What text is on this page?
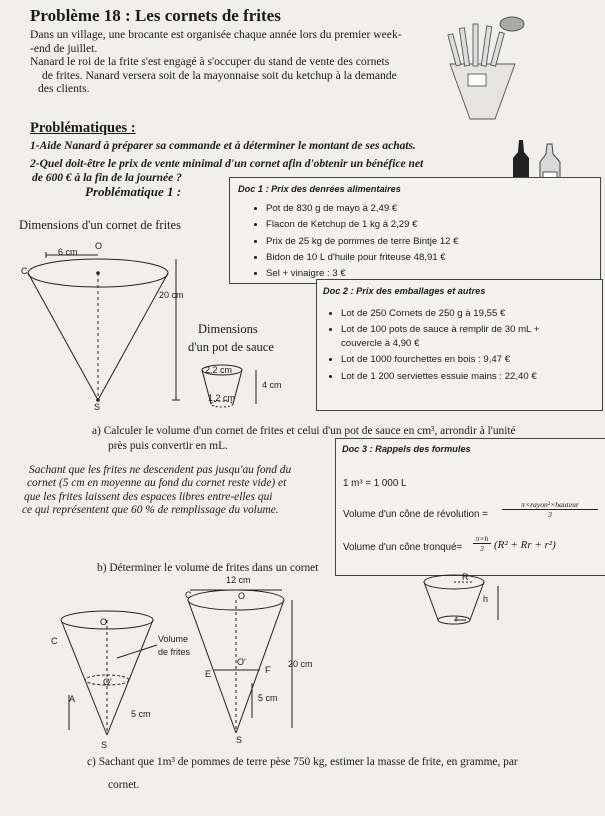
Problème 18 : Les cornets de frites
Dans un village, une brocante est organisée chaque année lors du premier week-
-end de juillet.
Nanard le roi de la frite s'est engagé à s'occuper du stand de vente des cornets
de frites. Nanard versera soit de la mayonnaise soit du ketchup à la demande
des clients.
Problématiques :
1-Aide Nanard à préparer sa commande et à déterminer le montant de ses achats.
2-Quel doit-être le prix de vente minimal d'un cornet afin d'obtenir un bénéfice net
de 600 € à la fin de la journée ?
Problématique 1 :	Doc 1 : Prix des denrées alimentaires
• Pot de 830 g de mayo à 2,49 €
• Flacon de Ketchup de 1 kg à 2,29 €
• Prix de 25 kg de pommes de terre Bintje 12 €
• Bidon de 10 L d'huile pour friteuse 48,91 €
• Sel + vinaigre : 3 €
Doc 2 : Prix des emballages et autres
• Lot de 250 Cornets de 250 g à 19,55 €
• Lot de 100 pots de sauce à remplir de 30 mL +
couvercle à 4,90 €
• Lot de 1000 fourchettes en bois : 9,47 €
• Lot de 1 200 serviettes essuie mains : 22,40 €
Dimensions d'un cornet de frites
6 cm
O
C
20 cm
S
Dimensions
d'un pot de sauce
2,2 cm
1,2 cm
4 cm
a) Calculer le volume d'un cornet de frites et celui d'un pot de sauce en cm³, arrondir à l'unité
près puis convertir en mL.	Doc 3 : Rappels des formules
1 m³ = 1 000 L
Volume d'un cône de révolution =
π×rayon²×hauteur
3
Volume d'un cône tronqué= $\frac{\pi\times h}{3} (R^2 + Rr + r^2)$
R
h
r
Sachant que les frites ne descendent pas jusqu'au fond du
cornet (5 cm en moyenne au fond du cornet reste vide) et
que les frites laissent des espaces libres entre-elles qui
ce qui représentent que 60 % de remplissage du volume.
b) Déterminer le volume de frites dans un cornet
O
C	Volume
de frites
O'
A
5 cm
S
12 cm
C	O
O'
E	F
20 cm
5 cm
S
c) Sachant que 1m³ de pommes de terre pèse 750 kg, estimer la masse de frite, en gramme, par
cornet.
